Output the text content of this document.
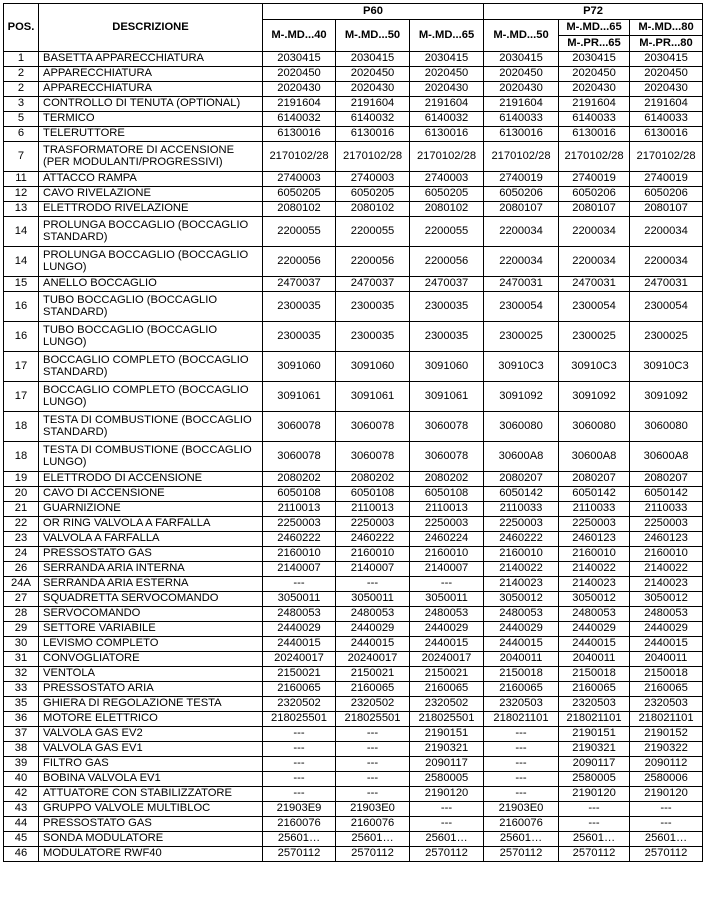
POS.	DESCRIZIONE	P60			P72		
		M-.MD...40	M-.MD...50	M-.MD...65	M-.MD...50	M-.MD...65	M-.MD...80
						M-.PR...65	M-.PR...80
1	BASETTA APPARECCHIATURA	2030415	2030415	2030415	2030415	2030415	2030415
2	APPARECCHIATURA	2020450	2020450	2020450	2020450	2020450	2020450
2	APPARECCHIATURA	2020430	2020430	2020430	2020430	2020430	2020430
3	CONTROLLO DI TENUTA (OPTIONAL)	2191604	2191604	2191604	2191604	2191604	2191604
5	TERMICO	6140032	6140032	6140032	6140033	6140033	6140033
6	TELERUTTORE	6130016	6130016	6130016	6130016	6130016	6130016
7	TRASFORMATORE DI ACCENSIONE (PER MODULANTI/PROGRESSIVI)	2170102/28	2170102/28	2170102/28	2170102/28	2170102/28	2170102/28
11	ATTACCO RAMPA	2740003	2740003	2740003	2740019	2740019	2740019
12	CAVO RIVELAZIONE	6050205	6050205	6050205	6050206	6050206	6050206
13	ELETTRODO RIVELAZIONE	2080102	2080102	2080102	2080107	2080107	2080107
14	PROLUNGA BOCCAGLIO (BOCCAGLIO STANDARD)	2200055	2200055	2200055	2200034	2200034	2200034
14	PROLUNGA BOCCAGLIO (BOCCAGLIO LUNGO)	2200056	2200056	2200056	2200034	2200034	2200034
15	ANELLO BOCCAGLIO	2470037	2470037	2470037	2470031	2470031	2470031
16	TUBO BOCCAGLIO (BOCCAGLIO STANDARD)	2300035	2300035	2300035	2300054	2300054	2300054
16	TUBO BOCCAGLIO (BOCCAGLIO LUNGO)	2300035	2300035	2300035	2300025	2300025	2300025
17	BOCCAGLIO COMPLETO (BOCCAGLIO STANDARD)	3091060	3091060	3091060	30910C3	30910C3	30910C3
17	BOCCAGLIO COMPLETO (BOCCAGLIO LUNGO)	3091061	3091061	3091061	3091092	3091092	3091092
18	TESTA DI COMBUSTIONE (BOCCAGLIO STANDARD)	3060078	3060078	3060078	3060080	3060080	3060080
18	TESTA DI COMBUSTIONE (BOCCAGLIO LUNGO)	3060078	3060078	3060078	30600A8	30600A8	30600A8
19	ELETTRODO DI ACCENSIONE	2080202	2080202	2080202	2080207	2080207	2080207
20	CAVO DI ACCENSIONE	6050108	6050108	6050108	6050142	6050142	6050142
21	GUARNIZIONE	2110013	2110013	2110013	2110033	2110033	2110033
22	OR RING VALVOLA A FARFALLA	2250003	2250003	2250003	2250003	2250003	2250003
23	VALVOLA A FARFALLA	2460222	2460222	2460224	2460222	2460123	2460123
24	PRESSOSTATO GAS	2160010	2160010	2160010	2160010	2160010	2160010
26	SERRANDA ARIA INTERNA	2140007	2140007	2140007	2140022	2140022	2140022
24A	SERRANDA ARIA ESTERNA	---	---	---	2140023	2140023	2140023
27	SQUADRETTA SERVOCOMANDO	3050011	3050011	3050011	3050012	3050012	3050012
28	SERVOCOMANDO	2480053	2480053	2480053	2480053	2480053	2480053
29	SETTORE VARIABILE	2440029	2440029	2440029	2440029	2440029	2440029
30	LEVISMO COMPLETO	2440015	2440015	2440015	2440015	2440015	2440015
31	CONVOGLIATORE	20240017	20240017	20240017	2040011	2040011	2040011
32	VENTOLA	2150021	2150021	2150021	2150018	2150018	2150018
33	PRESSOSTATO ARIA	2160065	2160065	2160065	2160065	2160065	2160065
35	GHIERA DI REGOLAZIONE TESTA	2320502	2320502	2320502	2320503	2320503	2320503
36	MOTORE ELETTRICO	218025501	218025501	218025501	218021101	218021101	218021101
37	VALVOLA GAS EV2	---	---	2190151	---	2190151	2190152
38	VALVOLA GAS EV1	---	---	2190321	---	2190321	2190322
39	FILTRO GAS	---	---	2090117	---	2090117	2090112
40	BOBINA VALVOLA EV1	---	---	2580005	---	2580005	2580006
42	ATTUATORE CON STABILIZZATORE	---	---	2190120	---	2190120	2190120
43	GRUPPO VALVOLE MULTIBLOC	21903E9	21903E0	---	21903E0	---	---
44	PRESSOSTATO GAS	2160076	2160076	---	2160076	---	---
45	SONDA MODULATORE	25601…	25601…	25601…	25601…	25601…	25601…
46	MODULATORE RWF40	2570112	2570112	2570112	2570112	2570112	2570112
